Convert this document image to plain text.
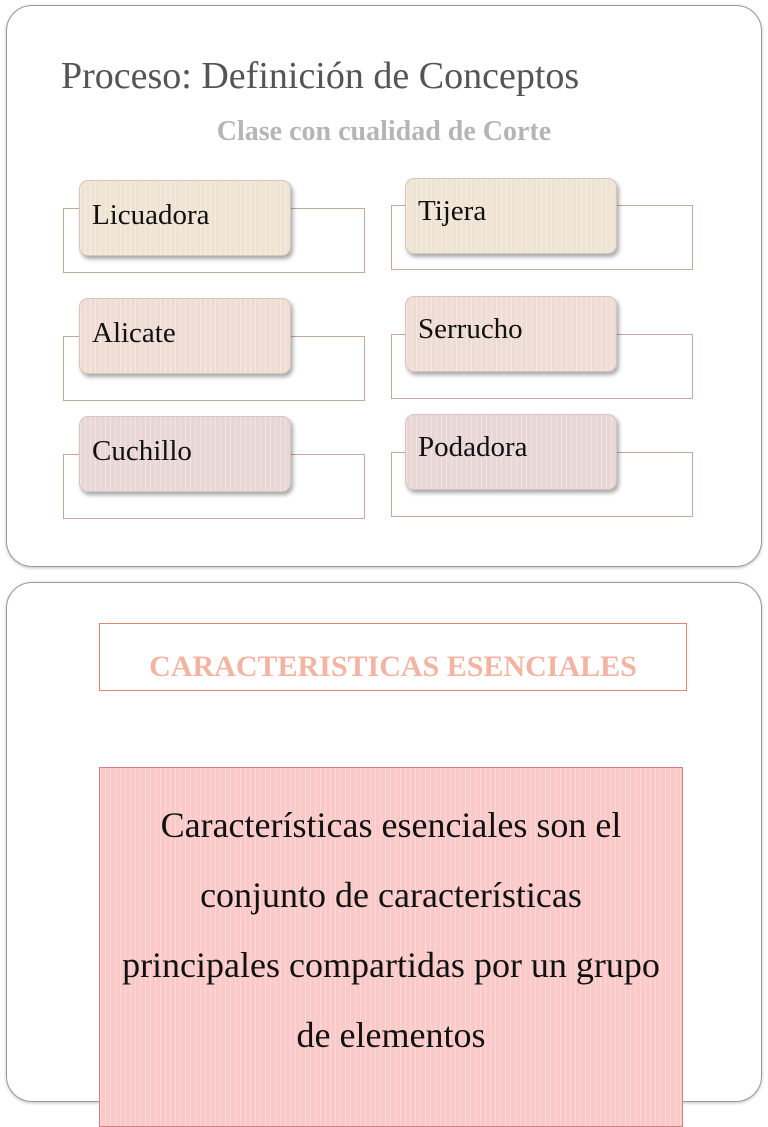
Proceso: Definición de Conceptos
Clase con cualidad de Corte
Licuadora	Tijera
Alicate	Serrucho
Cuchillo	Podadora
CARACTERISTICAS ESENCIALES
Características esenciales son el conjunto de características principales compartidas por un grupo de elementos
